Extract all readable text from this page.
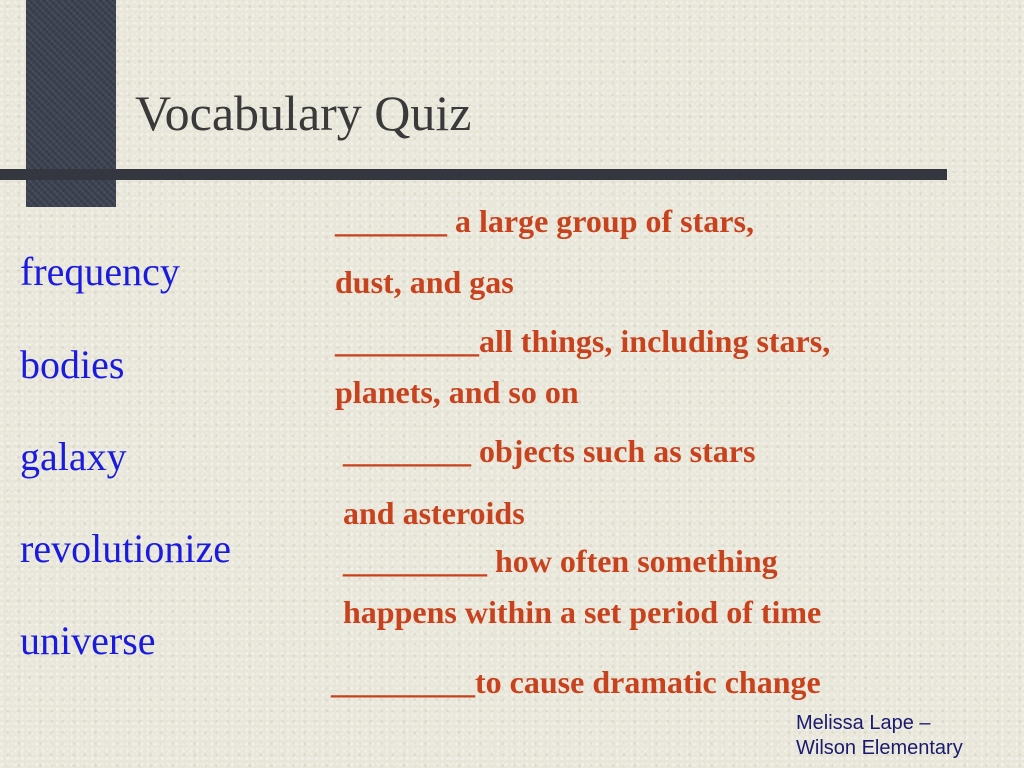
Vocabulary Quiz
frequency
bodies
galaxy
revolutionize
universe
_______ a large group of stars,
dust, and gas
_________all things, including stars,
planets, and so on
________ objects such as stars
and asteroids
_________ how often something
happens within a set period of time
_________to cause dramatic change
Melissa Lape –
Wilson Elementary
